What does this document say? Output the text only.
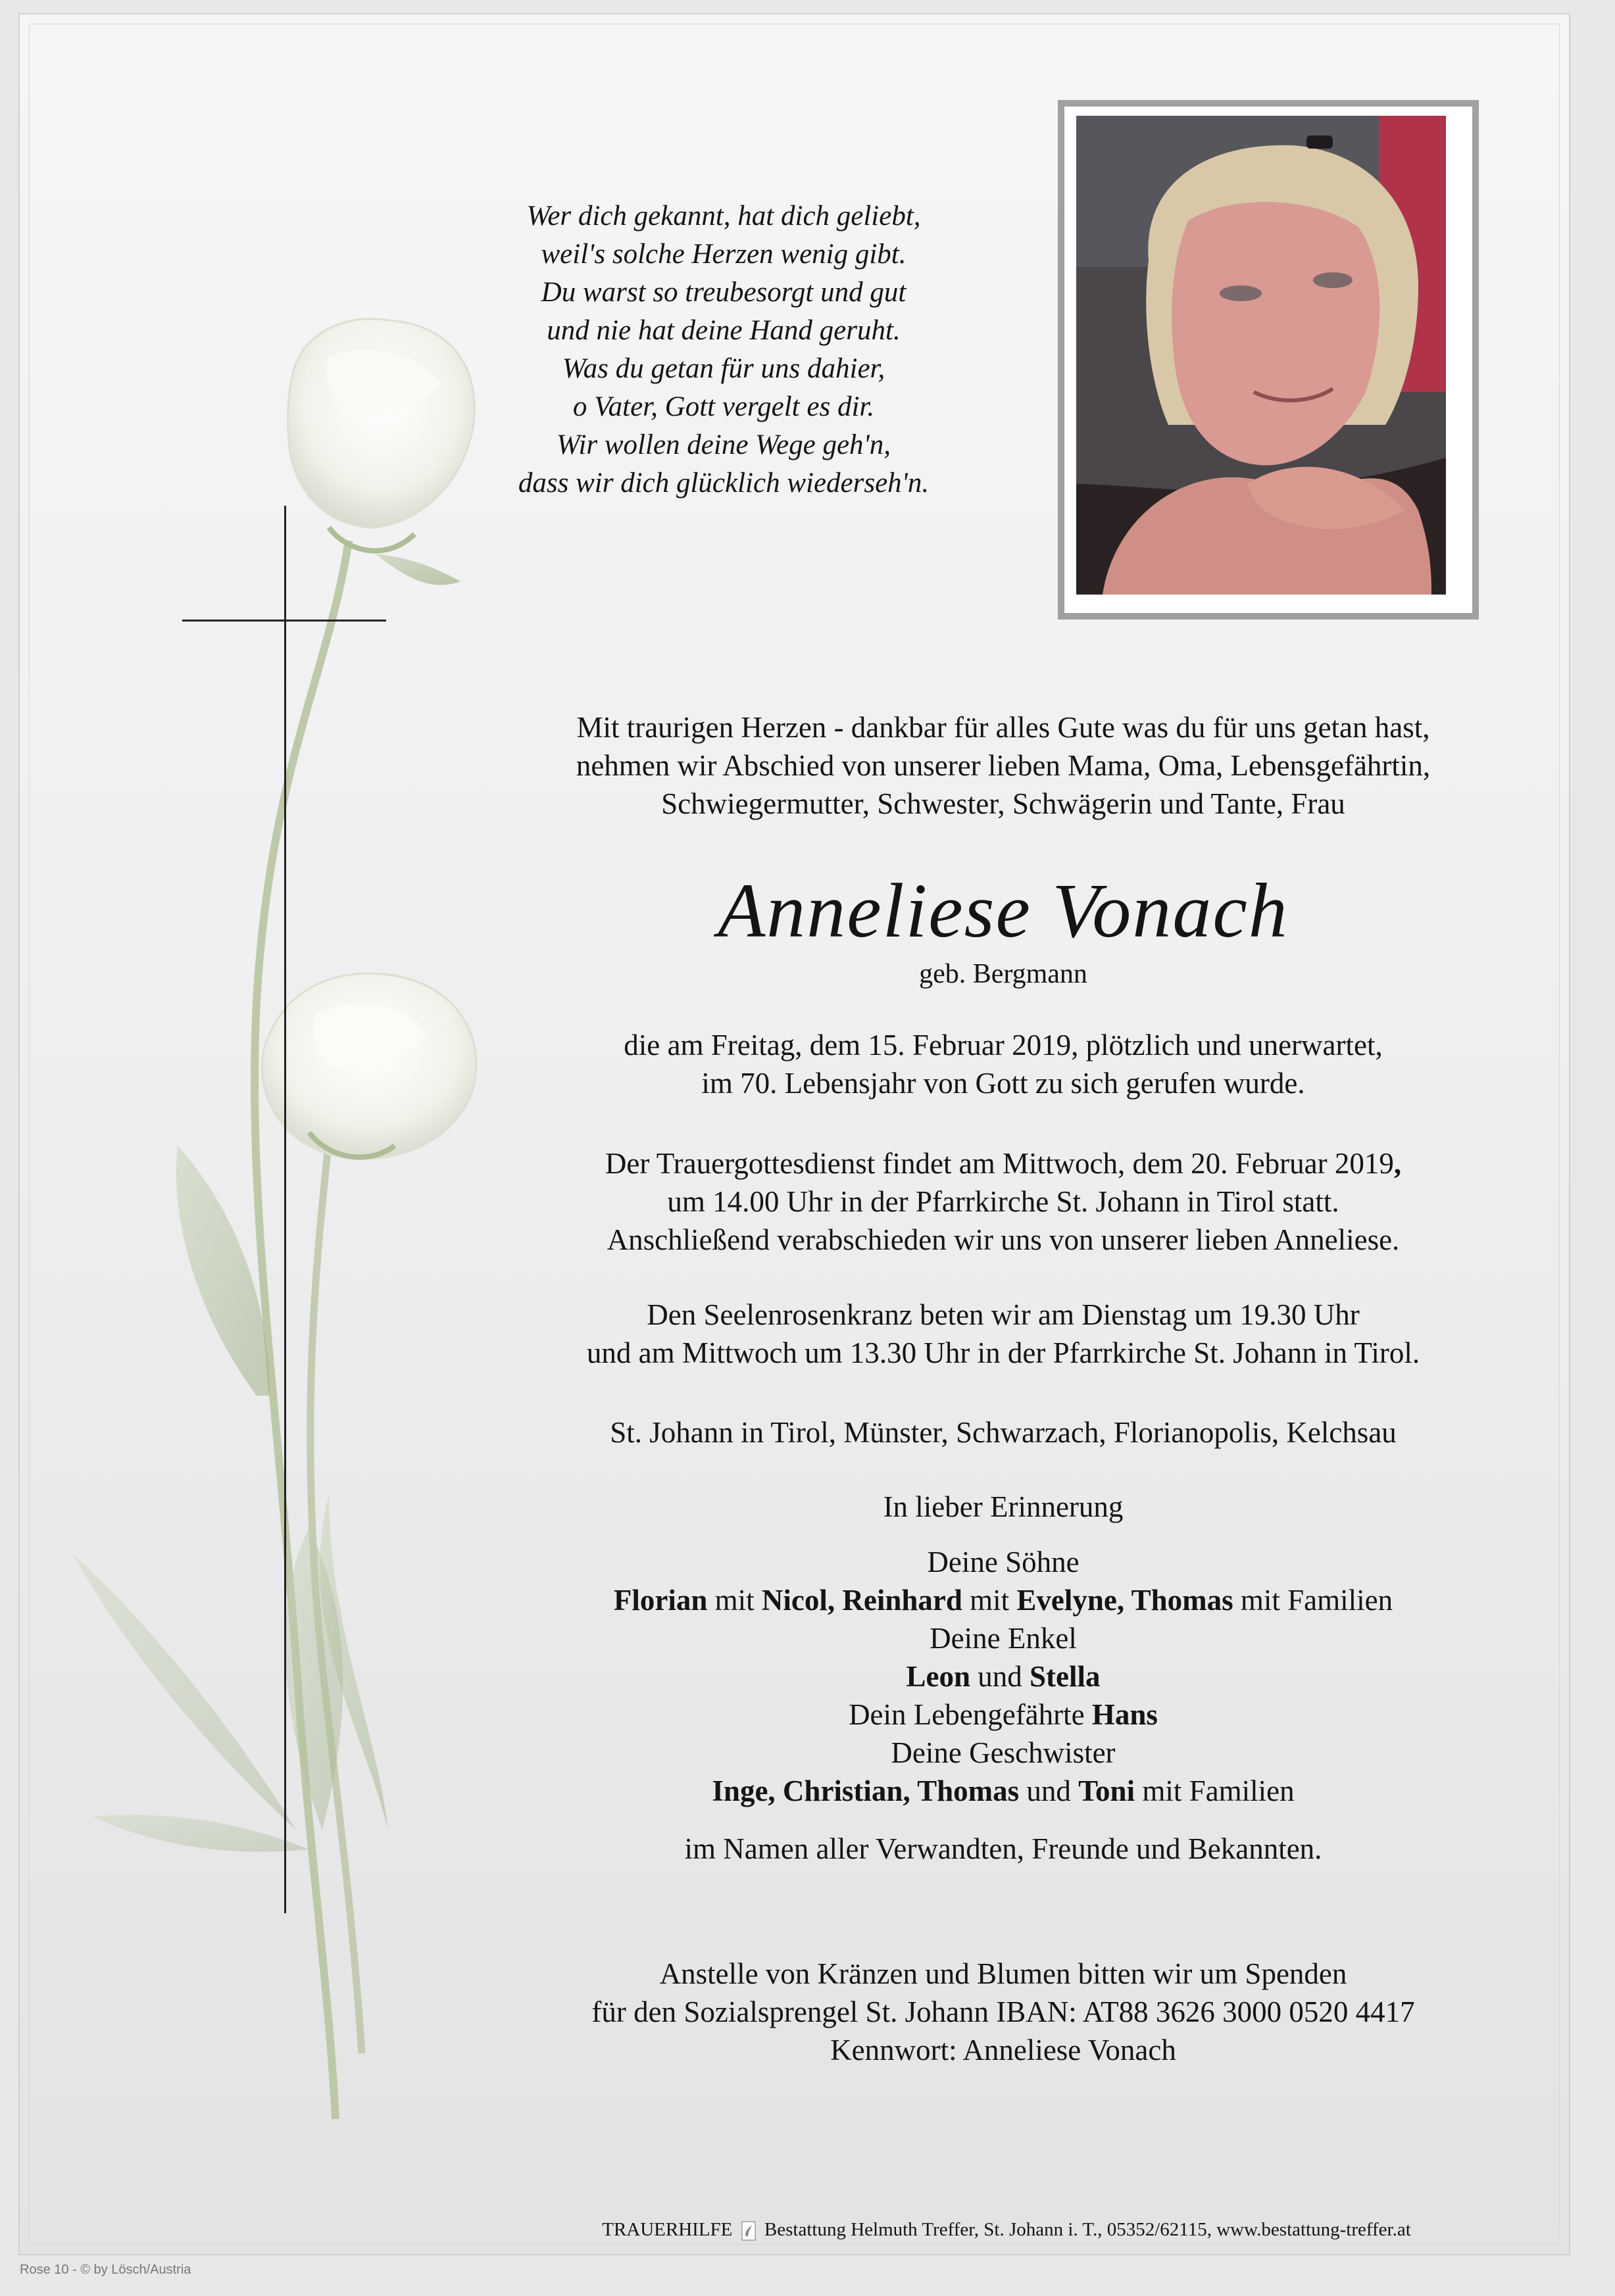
Wer dich gekannt, hat dich geliebt,
weil's solche Herzen wenig gibt.
Du warst so treubesorgt und gut
und nie hat deine Hand geruht.
Was du getan für uns dahier,
o Vater, Gott vergelt es dir.
Wir wollen deine Wege geh'n,
dass wir dich glücklich wiederseh'n.
Mit traurigen Herzen - dankbar für alles Gute was du für uns getan hast,
nehmen wir Abschied von unserer lieben Mama, Oma, Lebensgefährtin,
Schwiegermutter, Schwester, Schwägerin und Tante, Frau
Anneliese Vonach
geb. Bergmann
die am Freitag, dem 15. Februar 2019, plötzlich und unerwartet,
im 70. Lebensjahr von Gott zu sich gerufen wurde.
Der Trauergottesdienst findet am Mittwoch, dem 20. Februar 2019,
um 14.00 Uhr in der Pfarrkirche St. Johann in Tirol statt.
Anschließend verabschieden wir uns von unserer lieben Anneliese.
Den Seelenrosenkranz beten wir am Dienstag um 19.30 Uhr
und am Mittwoch um 13.30 Uhr in der Pfarrkirche St. Johann in Tirol.
St. Johann in Tirol, Münster, Schwarzach, Florianopolis, Kelchsau
In lieber Erinnerung
Deine Söhne
Florian mit Nicol, Reinhard mit Evelyne, Thomas mit Familien
Deine Enkel
Leon und Stella
Dein Lebengefährte Hans
Deine Geschwister
Inge, Christian, Thomas und Toni mit Familien
im Namen aller Verwandten, Freunde und Bekannten.
Anstelle von Kränzen und Blumen bitten wir um Spenden
für den Sozialsprengel St. Johann IBAN: AT88 3626 3000 0520 4417
Kennwort: Anneliese Vonach
TRAUERHILFE Bestattung Helmuth Treffer, St. Johann i. T., 05352/62115, www.bestattung-treffer.at
Rose 10 - © by Lösch/Austria
